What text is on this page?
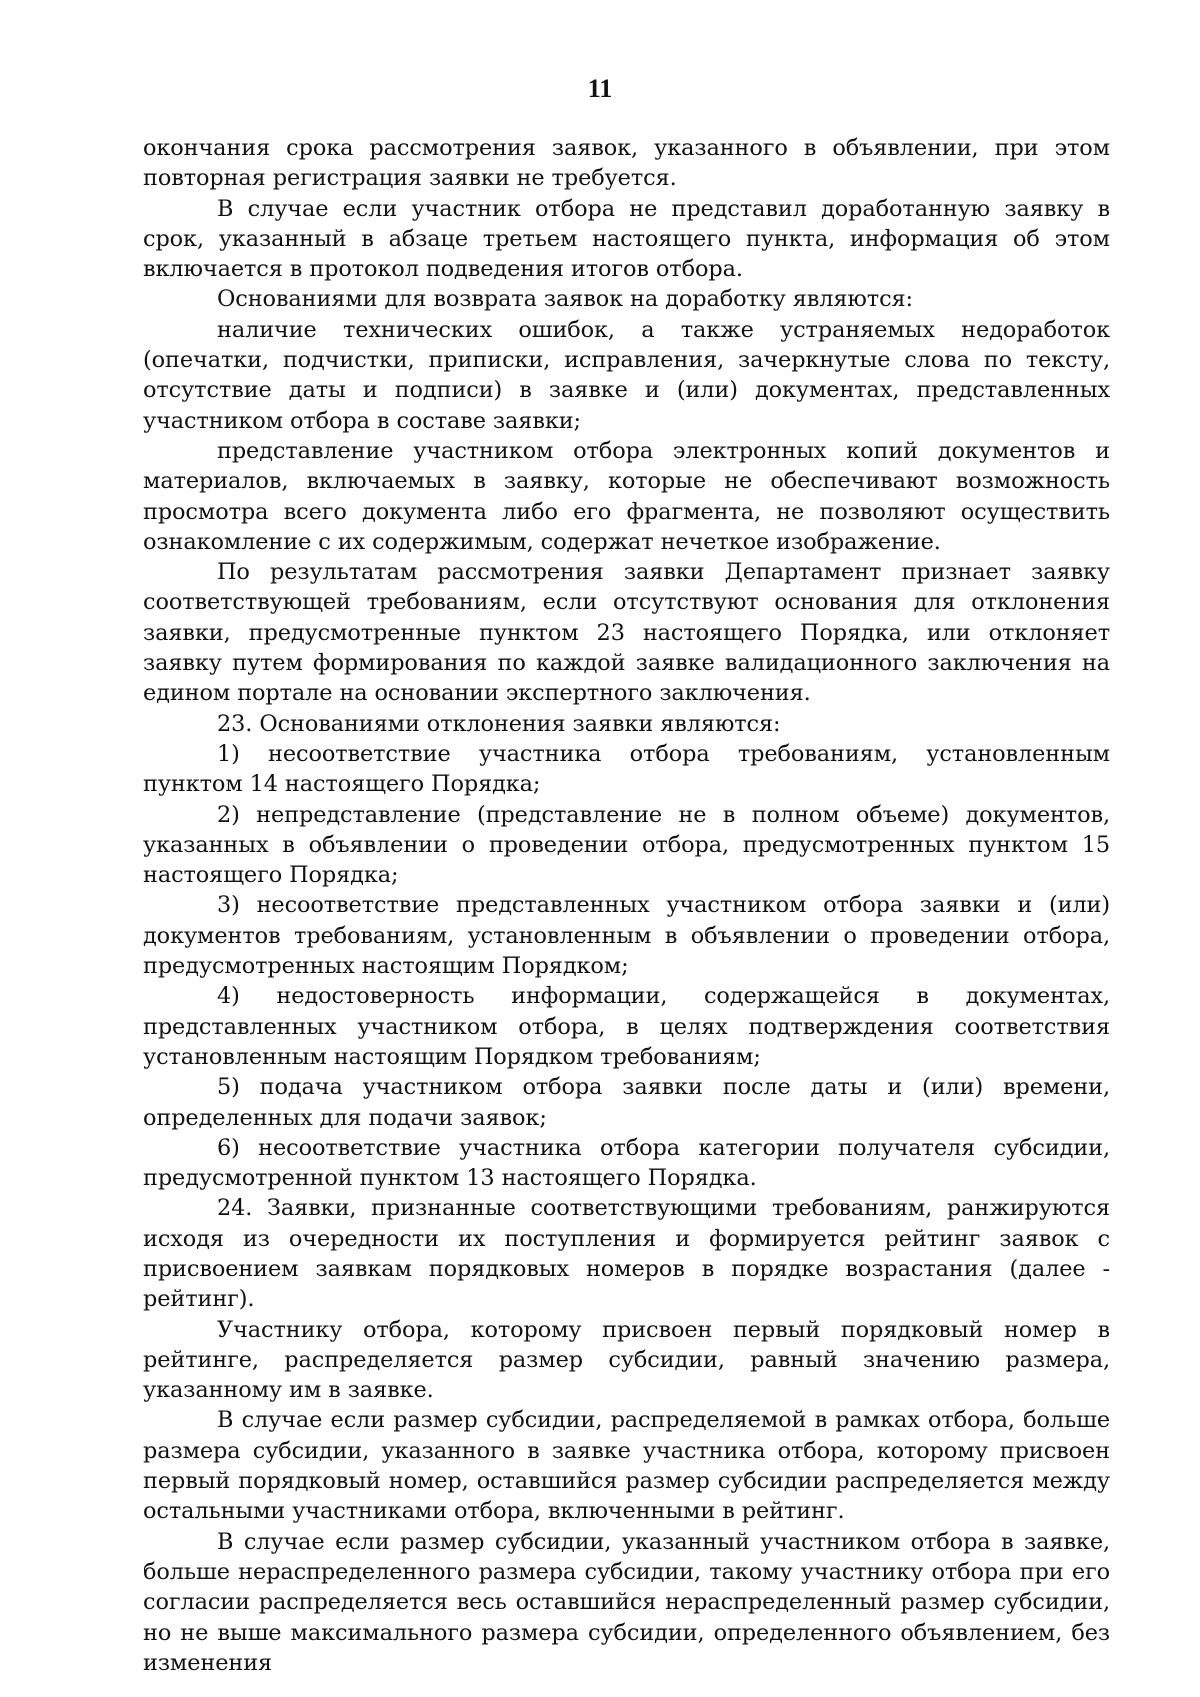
11

окончания срока рассмотрения заявок, указанного в объявлении, при этом повторная регистрация заявки не требуется.

В случае если участник отбора не представил доработанную заявку в срок, указанный в абзаце третьем настоящего пункта, информация об этом включается в протокол подведения итогов отбора.

Основаниями для возврата заявок на доработку являются:

наличие технических ошибок, а также устраняемых недоработок (опечатки, подчистки, приписки, исправления, зачеркнутые слова по тексту, отсутствие даты и подписи) в заявке и (или) документах, представленных участником отбора в составе заявки;

представление участником отбора электронных копий документов и материалов, включаемых в заявку, которые не обеспечивают возможность просмотра всего документа либо его фрагмента, не позволяют осуществить ознакомление с их содержимым, содержат нечеткое изображение.

По результатам рассмотрения заявки Департамент признает заявку соответствующей требованиям, если отсутствуют основания для отклонения заявки, предусмотренные пунктом 23 настоящего Порядка, или отклоняет заявку путем формирования по каждой заявке валидационного заключения на едином портале на основании экспертного заключения.

23. Основаниями отклонения заявки являются:

1) несоответствие участника отбора требованиям, установленным пунктом 14 настоящего Порядка;

2) непредставление (представление не в полном объеме) документов, указанных в объявлении о проведении отбора, предусмотренных пунктом 15 настоящего Порядка;

3) несоответствие представленных участником отбора заявки и (или) документов требованиям, установленным в объявлении о проведении отбора, предусмотренных настоящим Порядком;

4) недостоверность информации, содержащейся в документах, представленных участником отбора, в целях подтверждения соответствия установленным настоящим Порядком требованиям;

5) подача участником отбора заявки после даты и (или) времени, определенных для подачи заявок;

6) несоответствие участника отбора категории получателя субсидии, предусмотренной пунктом 13 настоящего Порядка.

24. Заявки, признанные соответствующими требованиям, ранжируются исходя из очередности их поступления и формируется рейтинг заявок с присвоением заявкам порядковых номеров в порядке возрастания (далее - рейтинг).

Участнику отбора, которому присвоен первый порядковый номер в рейтинге, распределяется размер субсидии, равный значению размера, указанному им в заявке.

В случае если размер субсидии, распределяемой в рамках отбора, больше размера субсидии, указанного в заявке участника отбора, которому присвоен первый порядковый номер, оставшийся размер субсидии распределяется между остальными участниками отбора, включенными в рейтинг.

В случае если размер субсидии, указанный участником отбора в заявке, больше нераспределенного размера субсидии, такому участнику отбора при его согласии распределяется весь оставшийся нераспределенный размер субсидии, но не выше максимального размера субсидии, определенного объявлением, без изменения
